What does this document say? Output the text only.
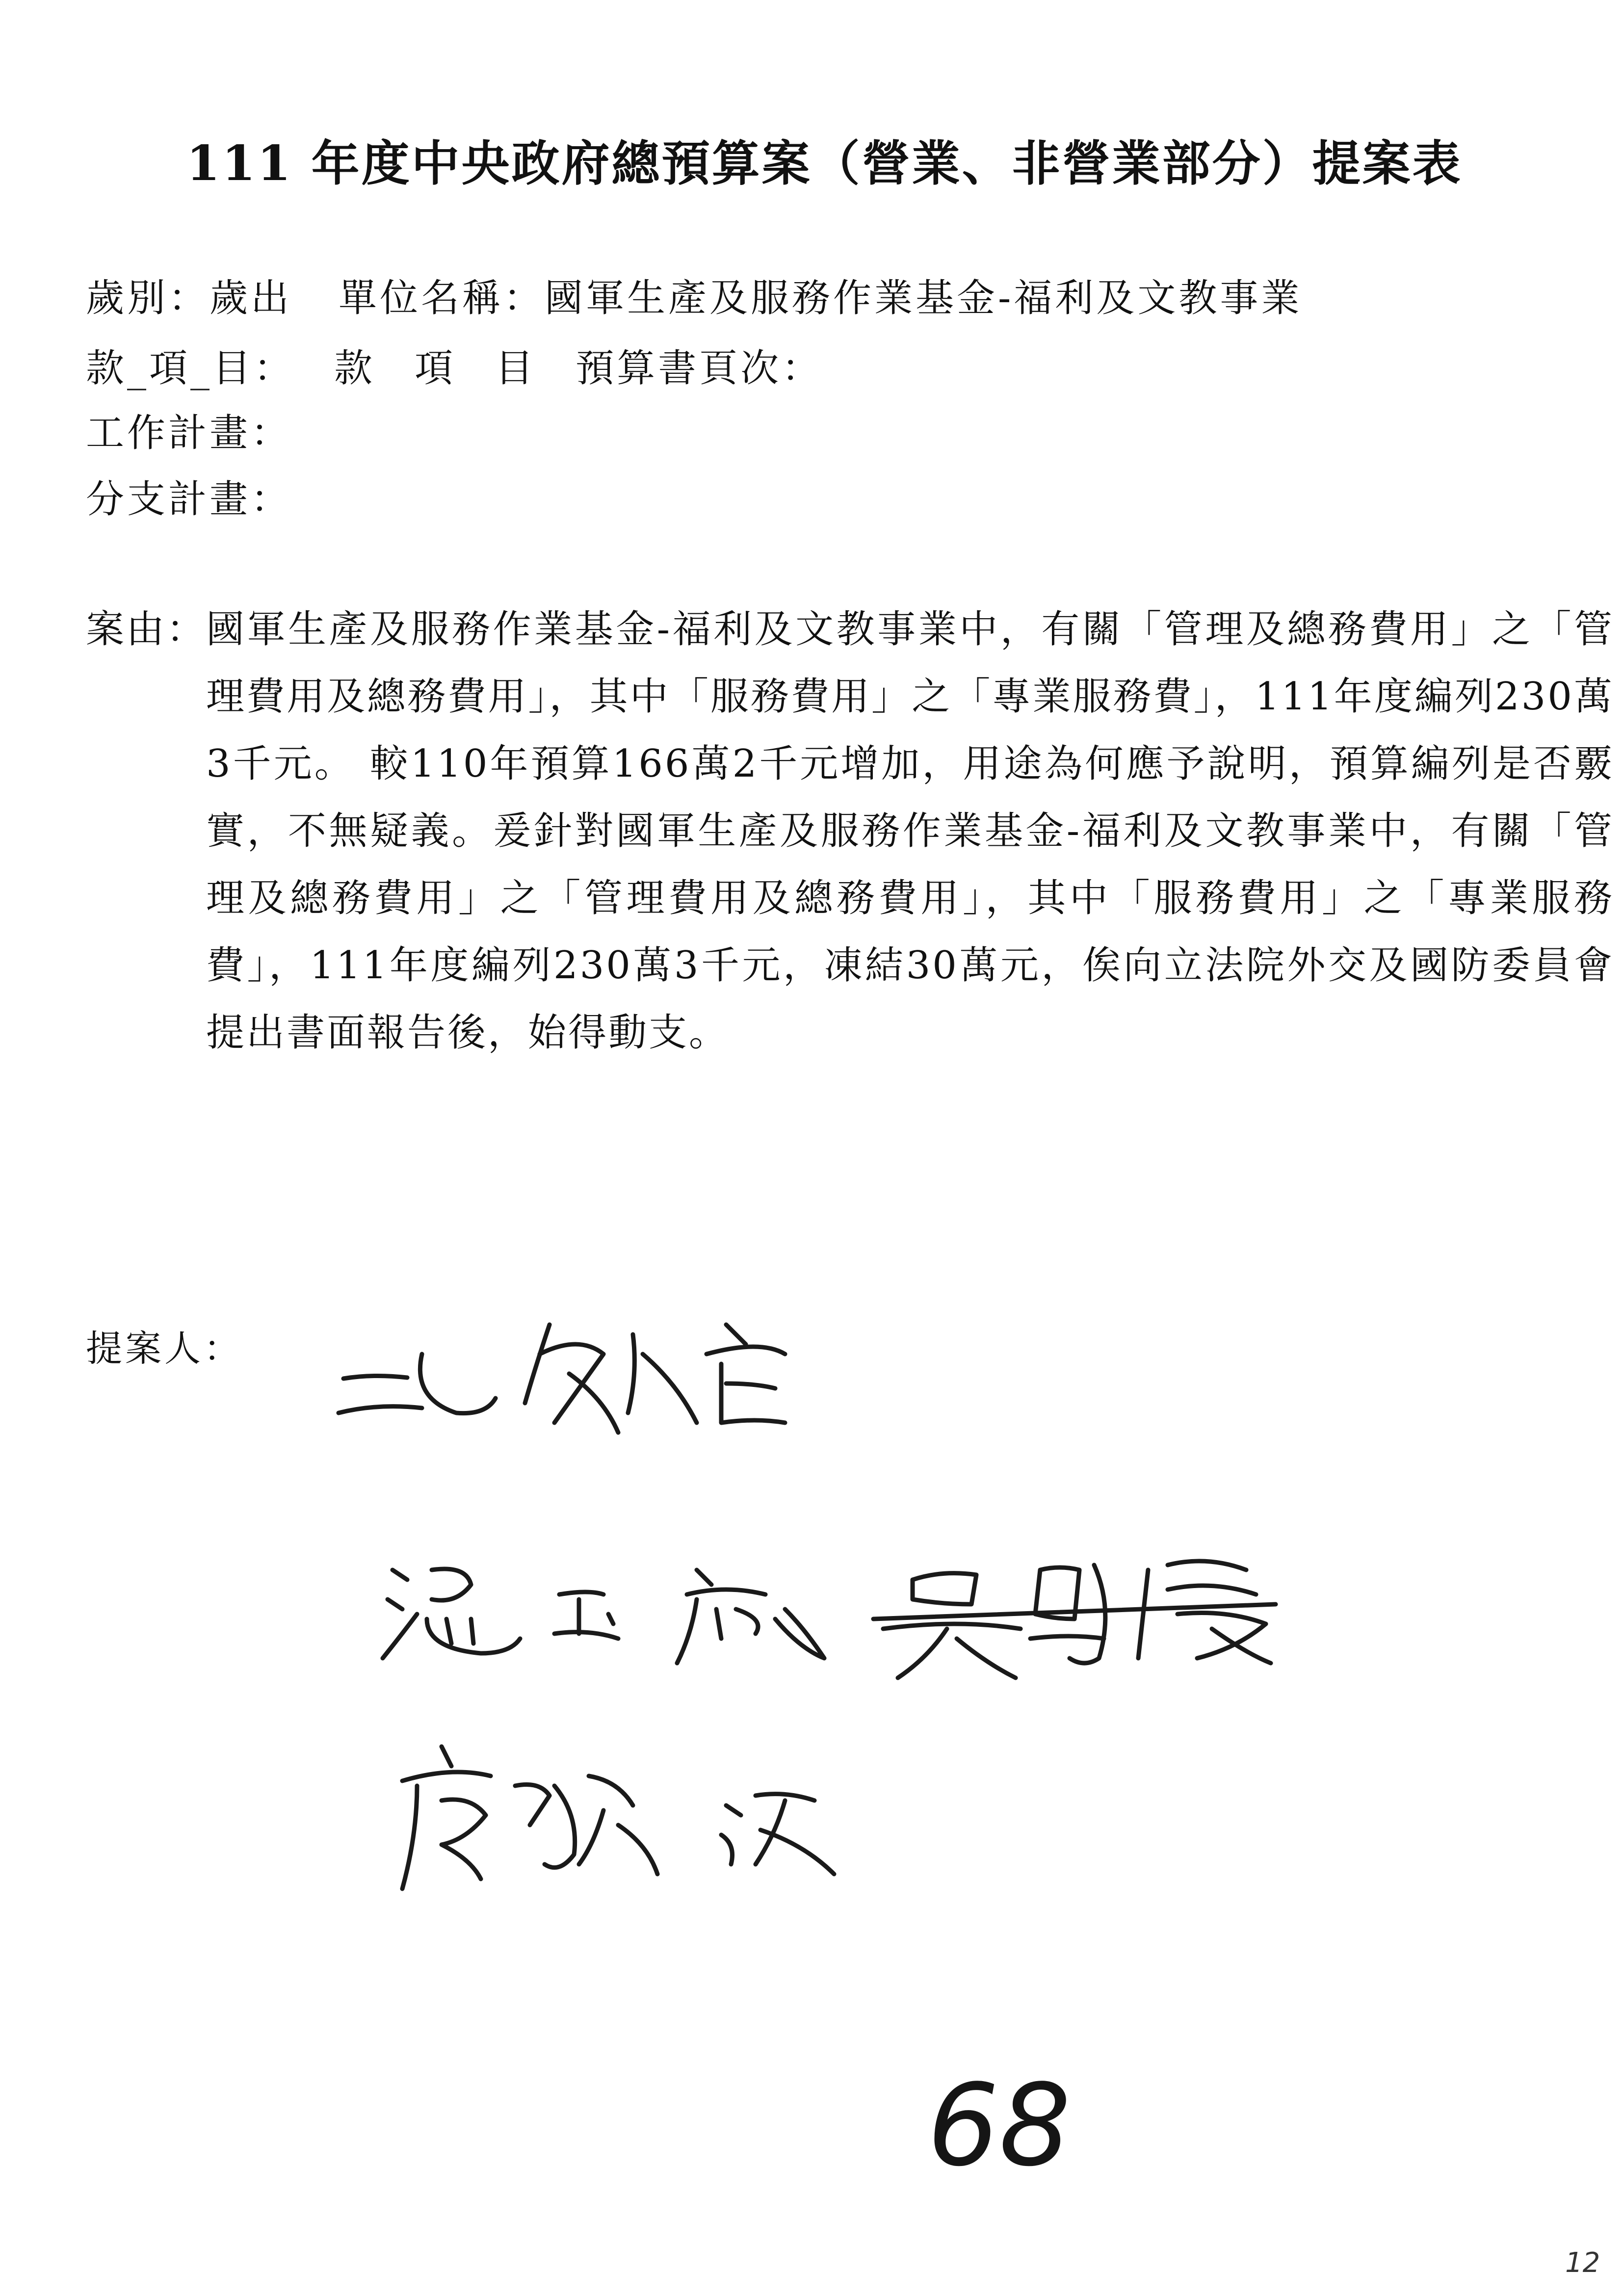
111 年度中央政府總預算案（營業、非營業部分）提案表
歲別：歲出 單位名稱：國軍生產及服務作業基金-福利及文教事業
款_項_目： 款 項 目 預算書頁次：
工作計畫：
分支計畫：
案由：
國軍生產及服務作業基金-福利及文教事業中，有關「管理及總務費用」之「管理費用及總務費用」，其中「服務費用」之「專業服務費」，111年度編列230萬3千元。 較110年預算166萬2千元增加，用途為何應予說明，預算編列是否覈實，不無疑義。爰針對國軍生產及服務作業基金-福利及文教事業中，有關「管理及總務費用」之「管理費用及總務費用」，其中「服務費用」之「專業服務費」，111年度編列230萬3千元，凍結30萬元，俟向立法院外交及國防委員會提出書面報告後，始得動支。
提案人：
68
12
